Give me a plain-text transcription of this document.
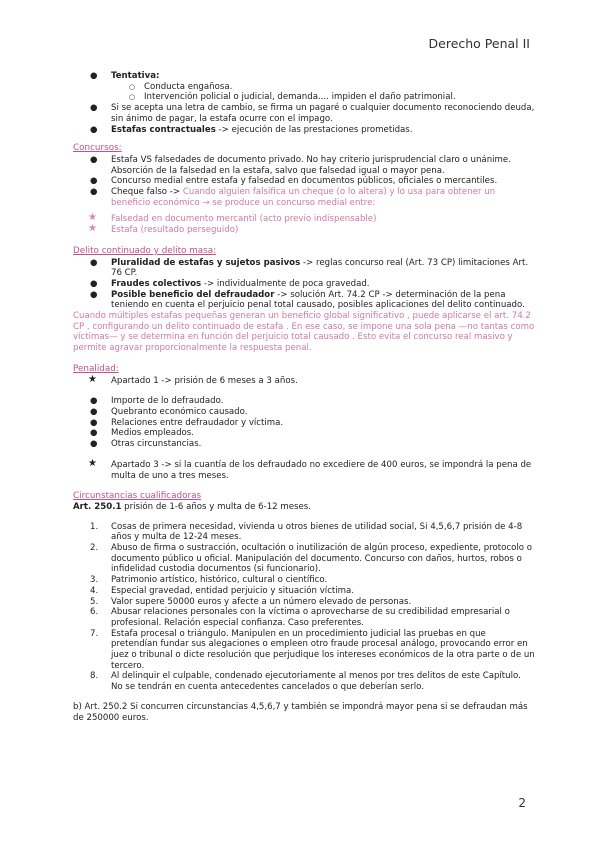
Derecho Penal II
● Tentativa:
○ Conducta engañosa.
○ Intervención policial o judicial, demanda.... impiden el daño patrimonial.
● Si se acepta una letra de cambio, se firma un pagaré o cualquier documento reconociendo deuda, sin ánimo de pagar, la estafa ocurre con el impago.
● Estafas contractuales -> ejecución de las prestaciones prometidas.
Concursos:
● Estafa VS falsedades de documento privado. No hay criterio jurisprudencial claro o unánime. Absorción de la falsedad en la estafa, salvo que falsedad igual o mayor pena.
● Concurso medial entre estafa y falsedad en documentos públicos, oficiales o mercantiles.
● Cheque falso -> Cuando alguien falsifica un cheque (o lo altera) y lo usa para obtener un beneficio económico → se produce un concurso medial entre:
★ Falsedad en documento mercantil (acto previo indispensable)
★ Estafa (resultado perseguido)
Delito continuado y delito masa:
● Pluralidad de estafas y sujetos pasivos -> reglas concurso real (Art. 73 CP) limitaciones Art. 76 CP.
● Fraudes colectivos -> individualmente de poca gravedad.
● Posible beneficio del defraudador -> solución Art. 74.2 CP -> determinación de la pena teniendo en cuenta el perjuicio penal total causado, posibles aplicaciones del delito continuado.

Cuando múltiples estafas pequeñas generan un beneficio global significativo , puede aplicarse el art. 74.2 CP , configurando un delito continuado de estafa . En ese caso, se impone una sola pena —no tantas como víctimas— y se determina en función del perjuicio total causado . Esto evita el concurso real masivo y permite agravar proporcionalmente la respuesta penal.

Penalidad:
★ Apartado 1 -> prisión de 6 meses a 3 años.
● Importe de lo defraudado.
● Quebranto económico causado.
● Relaciones entre defraudador y víctima.
● Medios empleados.
● Otras circunstancias.
★ Apartado 3 -> si la cuantía de los defraudado no excediere de 400 euros, se impondrá la pena de multa de uno a tres meses.
Circunstancias cualificadoras
Art. 250.1 prisión de 1-6 años y multa de 6-12 meses.
1. Cosas de primera necesidad, vivienda u otros bienes de utilidad social, Si 4,5,6,7 prisión de 4-8 años y multa de 12-24 meses.
2. Abuso de firma o sustracción, ocultación o inutilización de algún proceso, expediente, protocolo o documento público u oficial. Manipulación del documento. Concurso con daños, hurtos, robos o infidelidad custodia documentos (si funcionario).
3. Patrimonio artístico, histórico, cultural o científico.
4. Especial gravedad, entidad perjuicio y situación víctima.
5. Valor supere 50000 euros y afecte a un número elevado de personas.
6. Abusar relaciones personales con la víctima o aprovecharse de su credibilidad empresarial o profesional. Relación especial confianza. Caso preferentes.
7. Estafa procesal o triángulo. Manipulen en un procedimiento judicial las pruebas en que pretendían fundar sus alegaciones o empleen otro fraude procesal análogo, provocando error en juez o tribunal o dicte resolución que perjudique los intereses económicos de la otra parte o de un tercero.
8. Al delinquir el culpable, condenado ejecutoriamente al menos por tres delitos de este Capítulo. No se tendrán en cuenta antecedentes cancelados o que deberían serlo.
b) Art. 250.2 Si concurren circunstancias 4,5,6,7 y también se impondrá mayor pena si se defraudan más de 250000 euros.
2
